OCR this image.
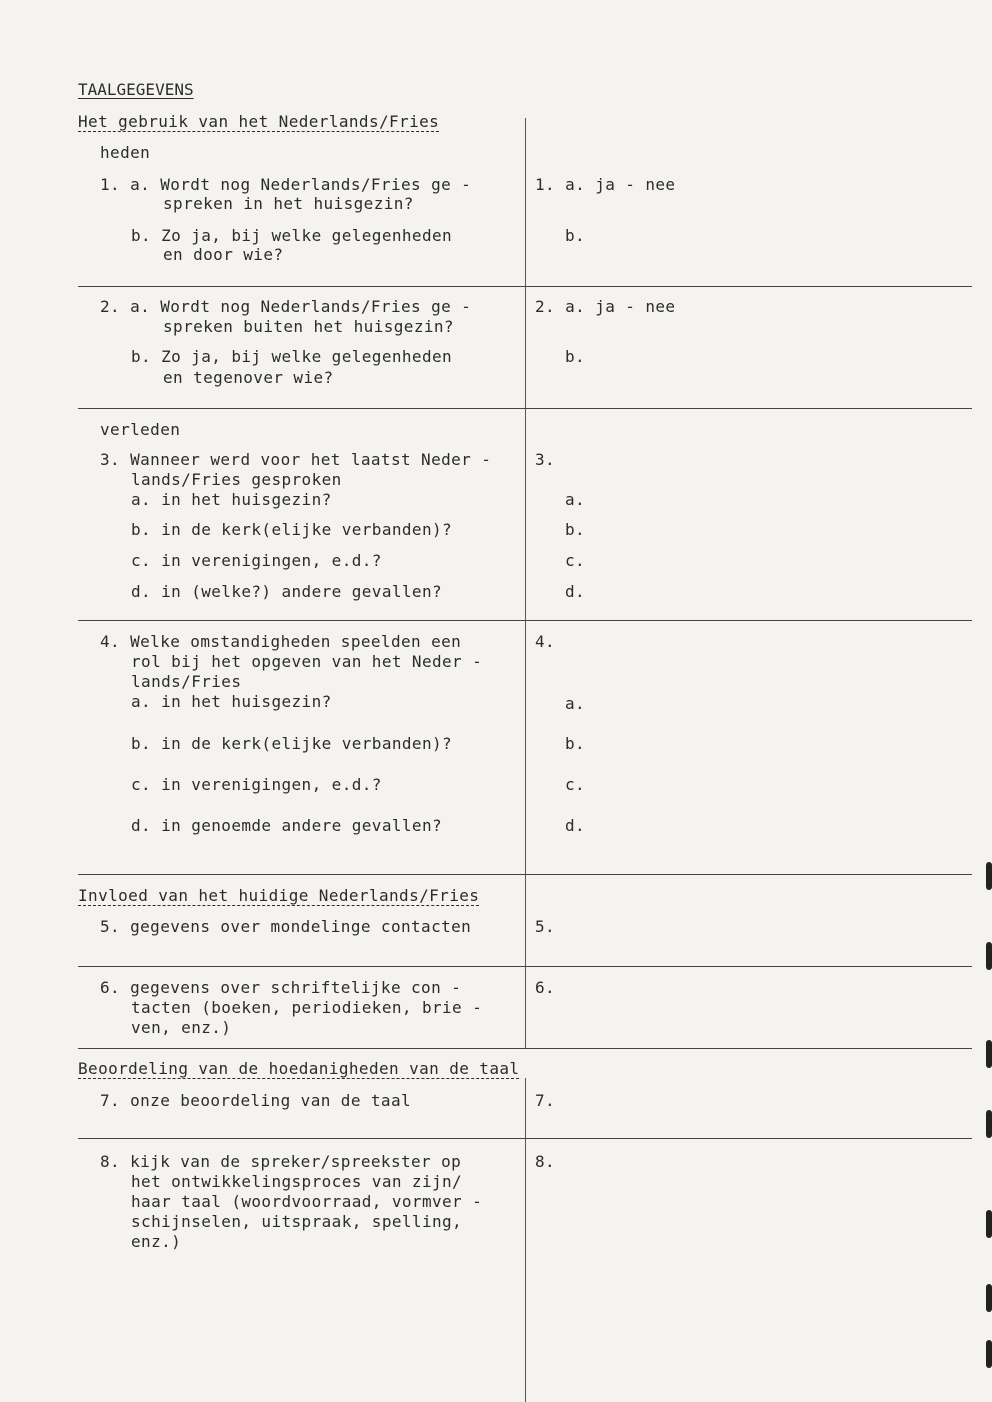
TAALGEGEVENS
Het gebruik van het Nederlands/Fries
heden
1. a. Wordt nog Nederlands/Fries ge -
spreken in het huisgezin?
b. Zo ja, bij welke gelegenheden
en door wie?
1. a. ja - nee
b.
2. a. Wordt nog Nederlands/Fries ge -
spreken buiten het huisgezin?
b. Zo ja, bij welke gelegenheden
en tegenover wie?
2. a. ja - nee
b.
verleden
3. Wanneer werd voor het laatst Neder -
lands/Fries gesproken
a. in het huisgezin?
b. in de kerk(elijke verbanden)?
c. in verenigingen, e.d.?
d. in (welke?) andere gevallen?
3.
a.
b.
c.
d.
4. Welke omstandigheden speelden een
rol bij het opgeven van het Neder -
lands/Fries
a. in het huisgezin?
b. in de kerk(elijke verbanden)?
c. in verenigingen, e.d.?
d. in genoemde andere gevallen?
4.
a.
b.
c.
d.
Invloed van het huidige Nederlands/Fries
5. gegevens over mondelinge contacten	5.
6. gegevens over schriftelijke con -
tacten (boeken, periodieken, brie -
ven, enz.)
6.
Beoordeling van de hoedanigheden van de taal
7. onze beoordeling van de taal	7.
8. kijk van de spreker/spreekster op
het ontwikkelingsproces van zijn/
haar taal (woordvoorraad, vormver -
schijnselen, uitspraak, spelling,
enz.)
8.
